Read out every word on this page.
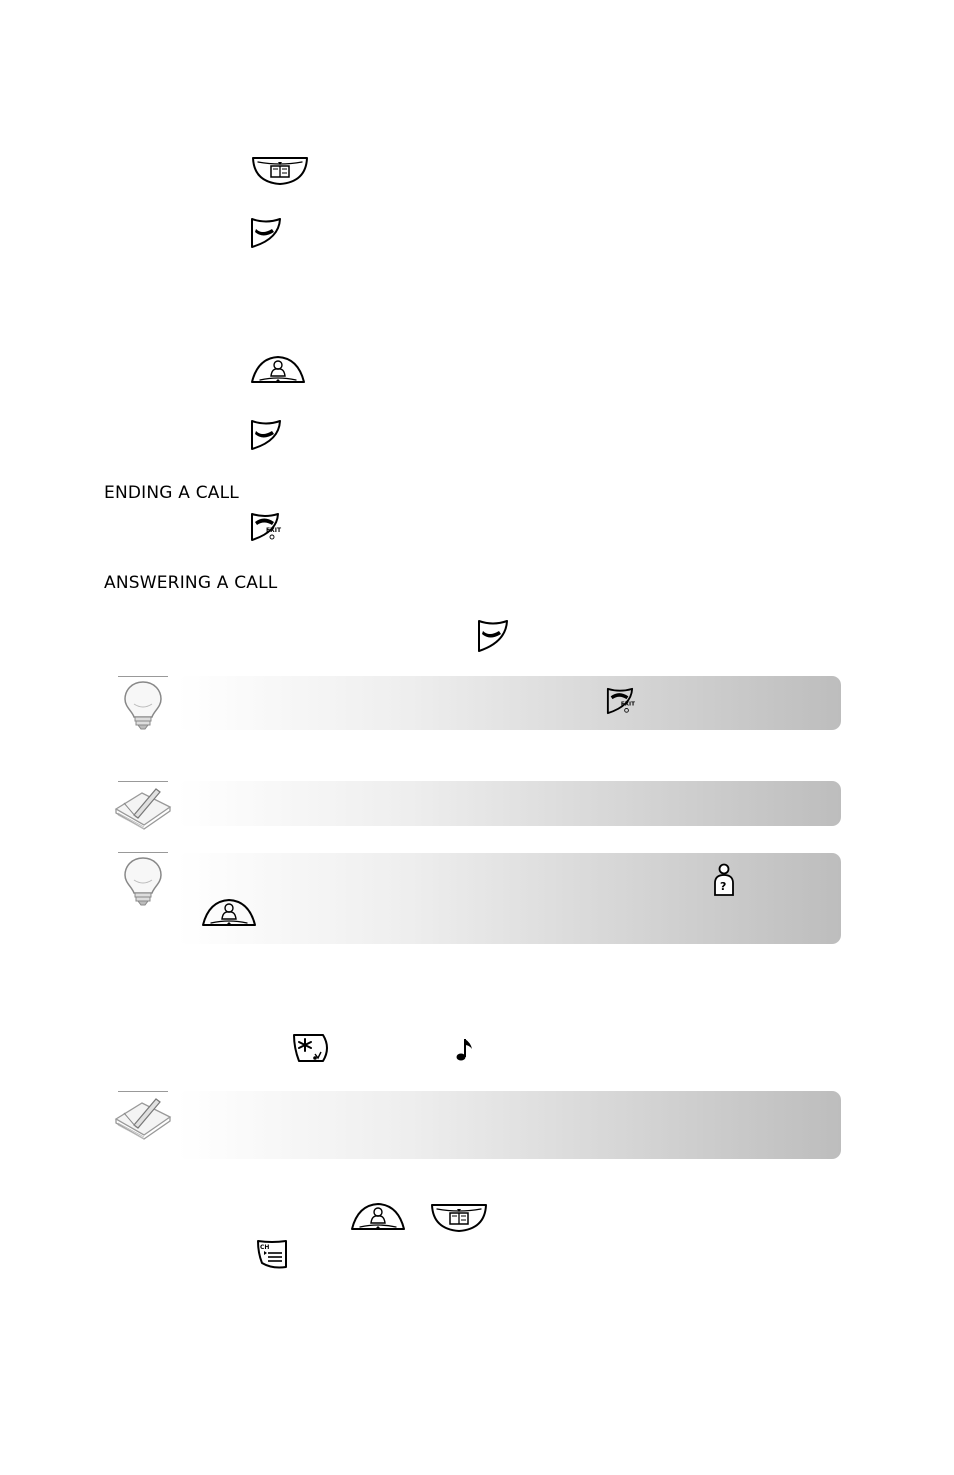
ENDING A CALL
EXIT
ANSWERING A CALL
EXIT
?
CH
